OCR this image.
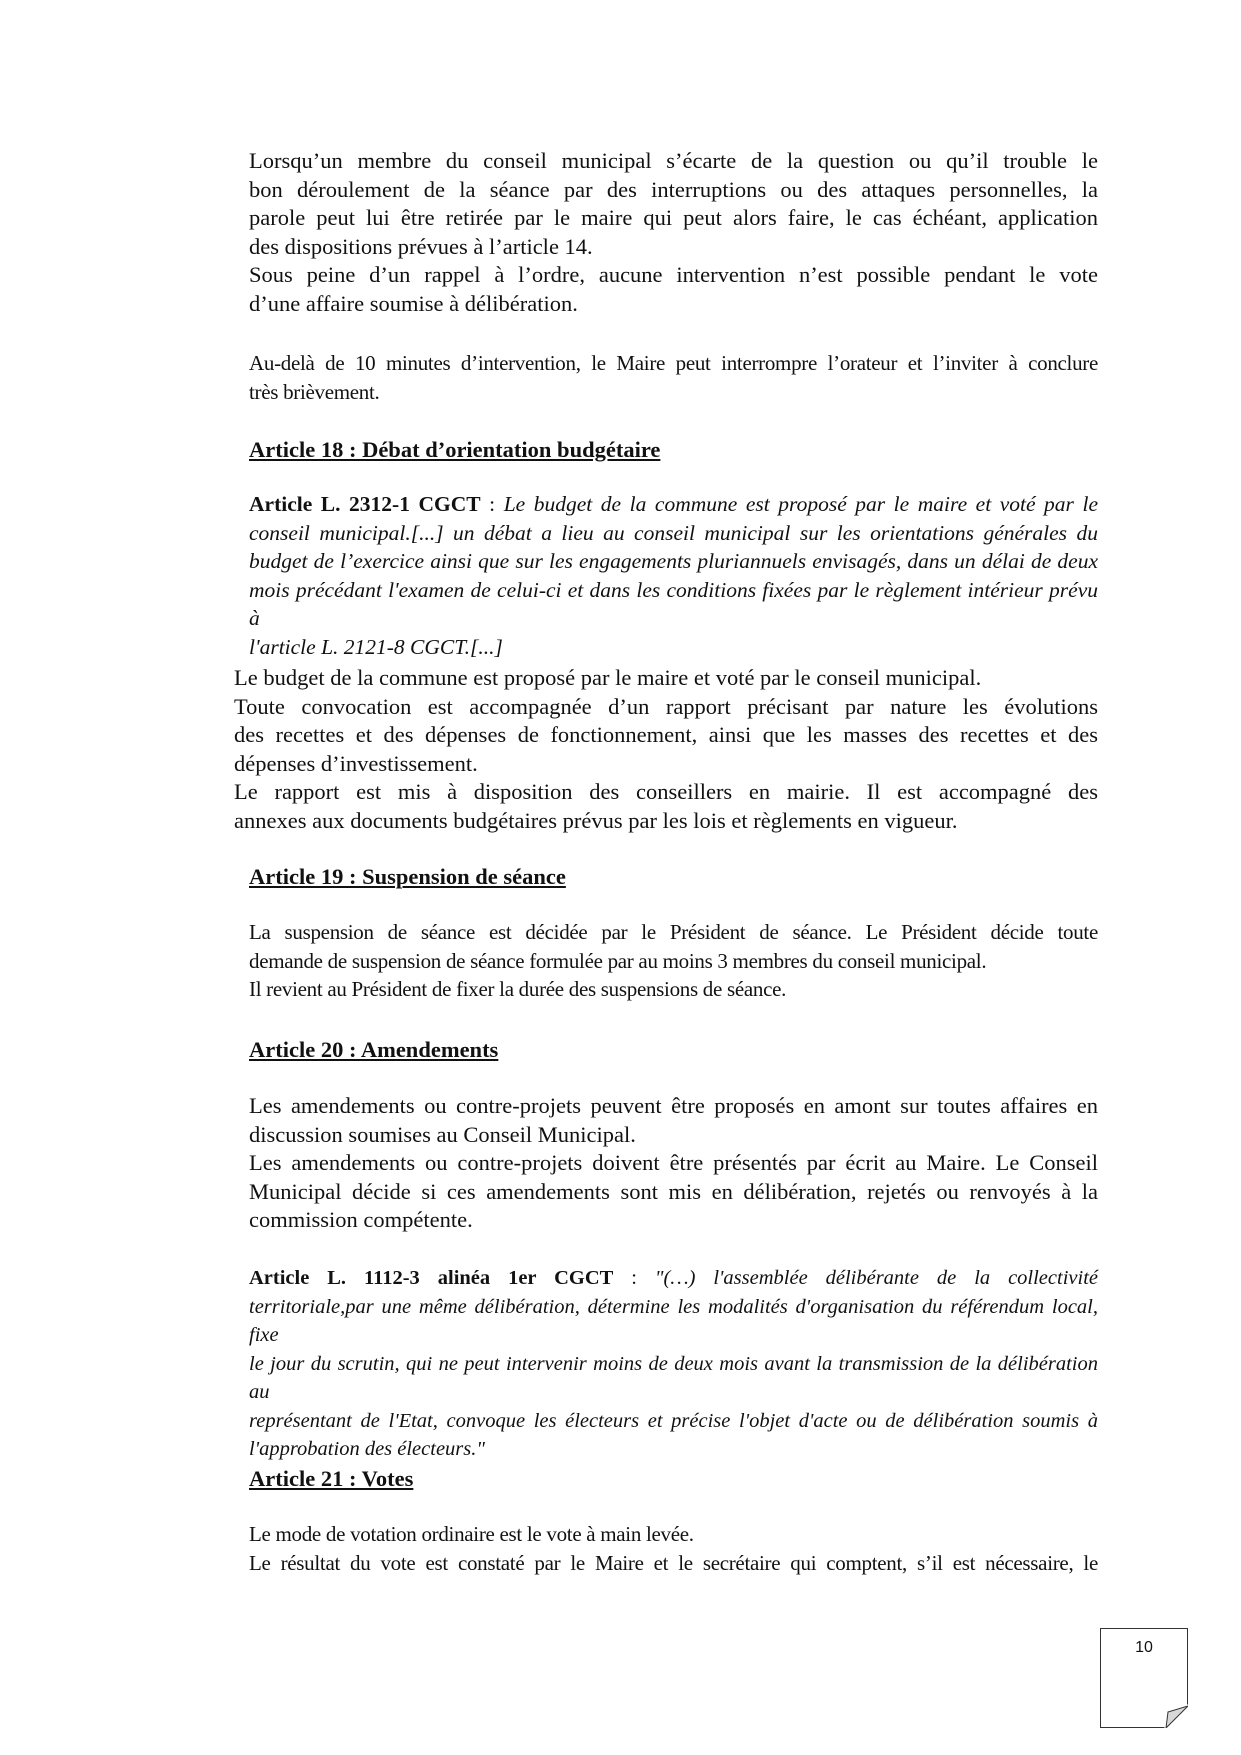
Lorsqu’un membre du conseil municipal s’écarte de la question ou qu’il trouble le
bon déroulement de la séance par des interruptions ou des attaques personnelles, la
parole peut lui être retirée par le maire qui peut alors faire, le cas échéant, application
des dispositions prévues à l’article 14.
Sous peine d’un rappel à l’ordre, aucune intervention n’est possible pendant le vote
d’une affaire soumise à délibération.
Au-delà de 10 minutes d’intervention, le Maire peut interrompre l’orateur et l’inviter à conclure
très brièvement.
Article 18 : Débat d’orientation budgétaire
Article L. 2312-1 CGCT : Le budget de la commune est proposé par le maire et voté par le
conseil municipal.[...] un débat a lieu au conseil municipal sur les orientations générales du
budget de l’exercice ainsi que sur les engagements pluriannuels envisagés, dans un délai de deux
mois précédant l'examen de celui-ci et dans les conditions fixées par le règlement intérieur prévu à
l'article L. 2121-8 CGCT.[...]
Le budget de la commune est proposé par le maire et voté par le conseil municipal.
Toute convocation est accompagnée d’un rapport précisant par nature les évolutions
des recettes et des dépenses de fonctionnement, ainsi que les masses des recettes et des
dépenses d’investissement.
Le rapport est mis à disposition des conseillers en mairie. Il est accompagné des
annexes aux documents budgétaires prévus par les lois et règlements en vigueur.
Article 19 : Suspension de séance
La suspension de séance est décidée par le Président de séance. Le Président décide toute
demande de suspension de séance formulée par au moins 3 membres du conseil municipal.
Il revient au Président de fixer la durée des suspensions de séance.
Article 20 : Amendements
Les amendements ou contre-projets peuvent être proposés en amont sur toutes affaires en
discussion soumises au Conseil Municipal.
Les amendements ou contre-projets doivent être présentés par écrit au Maire. Le Conseil
Municipal décide si ces amendements sont mis en délibération, rejetés ou renvoyés à la
commission compétente.
Article L. 1112-3 alinéa 1er CGCT : "(…) l'assemblée délibérante de la collectivité
territoriale,par une même délibération, détermine les modalités d'organisation du référendum local, fixe
le jour du scrutin, qui ne peut intervenir moins de deux mois avant la transmission de la délibération au
représentant de l'Etat, convoque les électeurs et précise l'objet d'acte ou de délibération soumis à
l'approbation des électeurs."
Article 21 : Votes
Le mode de votation ordinaire est le vote à main levée.
Le résultat du vote est constaté par le Maire et le secrétaire qui comptent, s’il est nécessaire, le
10
